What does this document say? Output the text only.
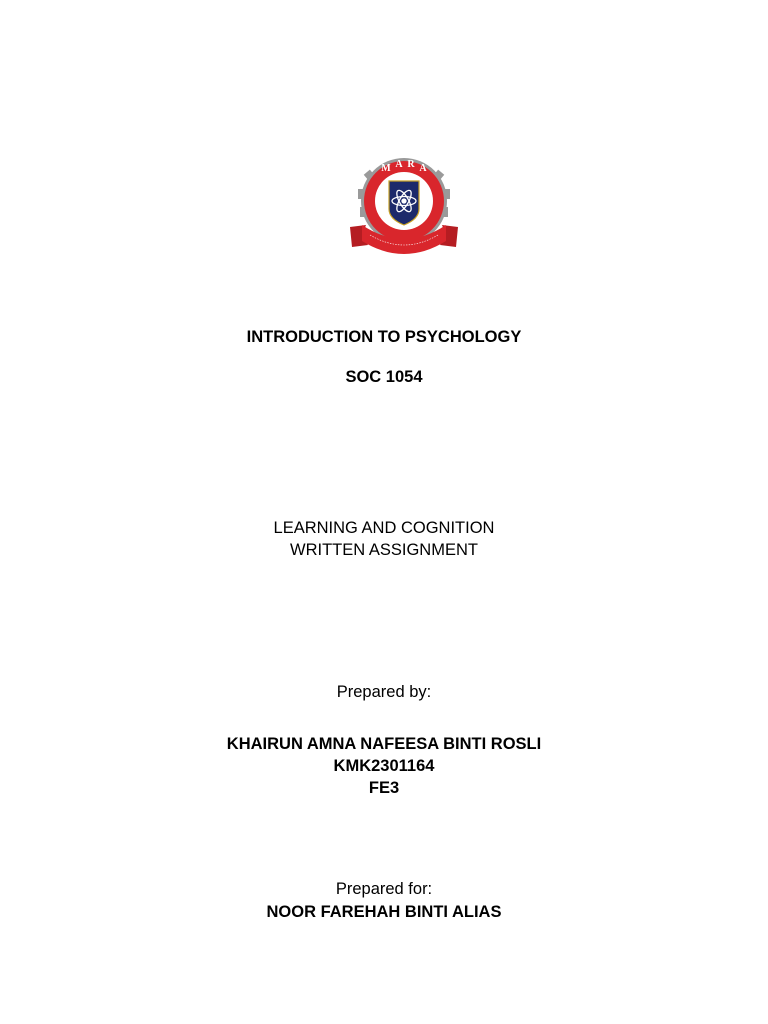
M A R A
INTRODUCTION TO PSYCHOLOGY
SOC 1054
LEARNING AND COGNITION
WRITTEN ASSIGNMENT
Prepared by:
KHAIRUN AMNA NAFEESA BINTI ROSLI
KMK2301164
FE3
Prepared for:
NOOR FAREHAH BINTI ALIAS
